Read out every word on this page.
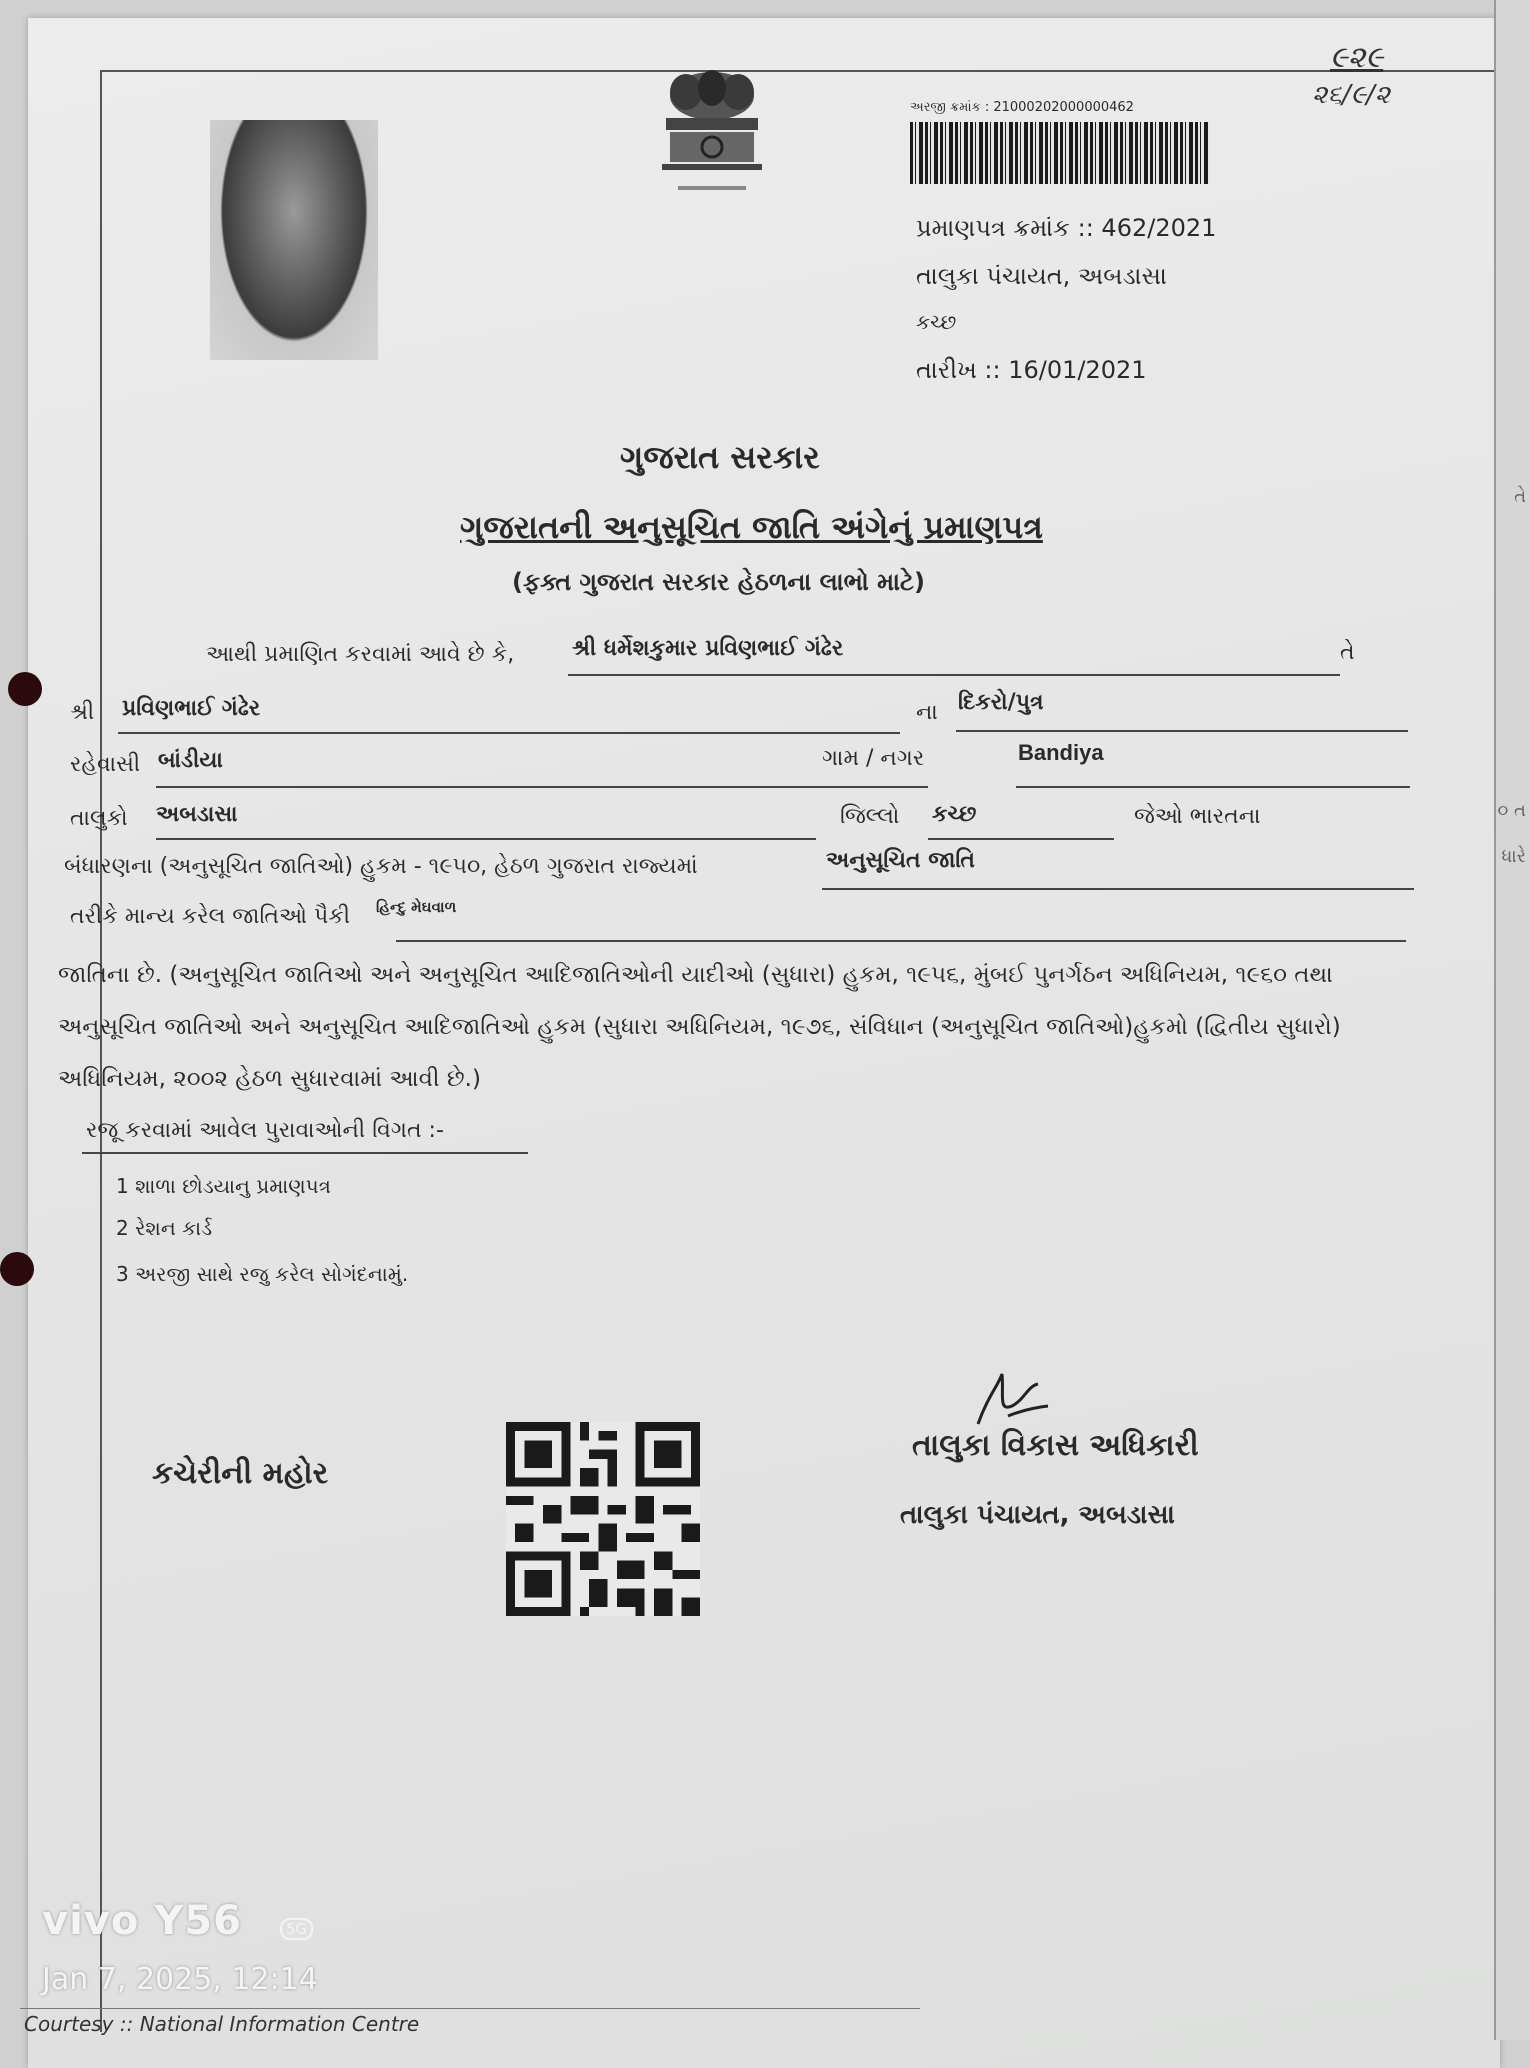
તે
૦ ત
ધારે
અરજી ક્રમાંક : 21000202000000462
૯૨૯
૨૬/૯/૨
પ્રમાણપત્ર ક્રમાંક :: 462/2021
તાલુકા પંચાયત, અબડાસા
કચ્છ
તારીખ :: 16/01/2021
ગુજરાત સરકાર
ગુજરાતની અનુસૂચિત જાતિ અંગેનું પ્રમાણપત્ર
(ફક્ત ગુજરાત સરકાર હેઠળના લાભો માટે)
આથી પ્રમાણિત કરવામાં આવે છે કે,	શ્રી ધર્મેશકુમાર પ્રવિણભાઈ ગંઢેર	તે
શ્રી પ્રવિણભાઈ ગંઢેર	ના દિકરો/પુત્ર
રહેવાસી બાંડીયા	ગામ / નગર	Bandiya
તાલુકો અબડાસા	જિલ્લો કચ્છ	જેઓ ભારતના
બંધારણના (અનુસૂચિત જાતિઓ) હુકમ - ૧૯૫૦, હેઠળ ગુજરાત રાજ્યમાં	અનુસૂચિત જાતિ
તરીકે માન્ય કરેલ જાતિઓ પૈકી હિન્દુ મેઘવાળ
જાતિના છે. (અનુસૂચિત જાતિઓ અને અનુસૂચિત આદિજાતિઓની યાદીઓ (સુધારા) હુકમ, ૧૯૫૬, મુંબઈ પુનર્ગઠન અધિનિયમ, ૧૯૬૦ તથા
અનુસૂચિત જાતિઓ અને અનુસૂચિત આદિજાતિઓ હુકમ (સુધારા અધિનિયમ, ૧૯૭૬, સંવિધાન (અનુસૂચિત જાતિઓ)હુકમો (દ્વિતીય સુધારો)
અધિનિયમ, ૨૦૦૨ હેઠળ સુધારવામાં આવી છે.)
રજૂ કરવામાં આવેલ પુરાવાઓની વિગત :-
1 શાળા છોડયાનુ પ્રમાણપત્ર
2 રેશન કાર્ડ
3 અરજી સાથે રજુ કરેલ સોગંદનામું.
કચેરીની મહોર
તાલુકા વિકાસ અધિકારી
તાલુકા પંચાયત, અબડાસા
vivo Y56	5G
Jan 7, 2025, 12:14
Courtesy :: National Information Centre
